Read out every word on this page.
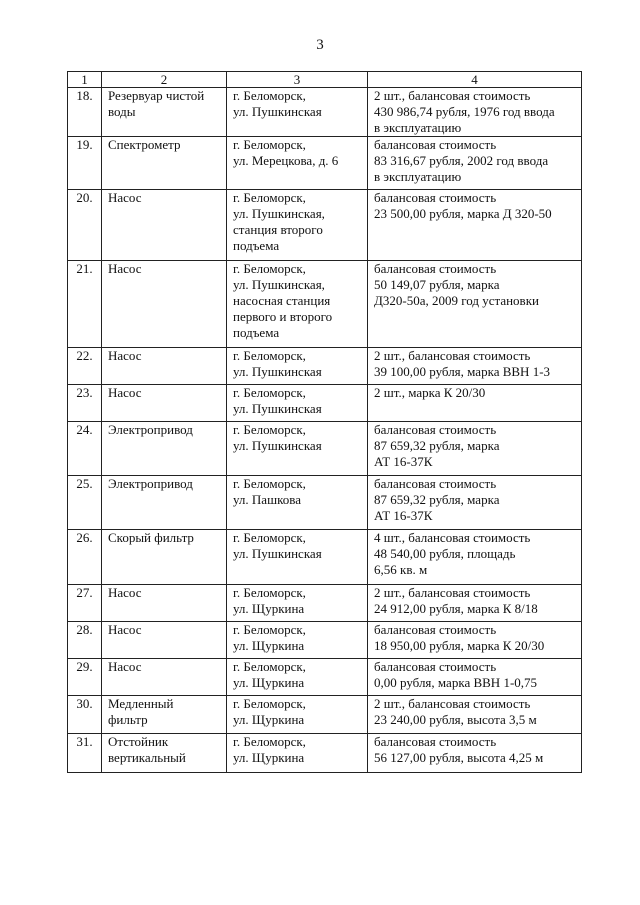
3
1	2	3	4
18.	Резервуар чистой воды	г. Беломорск,
ул. Пушкинская	2 шт., балансовая стоимость
430 986,74 рубля, 1976 год ввода
в эксплуатацию
19.	Спектрометр	г. Беломорск,
ул. Мерецкова, д. 6	балансовая стоимость
83 316,67 рубля, 2002 год ввода
в эксплуатацию
20.	Насос	г. Беломорск,
ул. Пушкинская,
станция второго
подъема	балансовая стоимость
23 500,00 рубля, марка Д 320-50
21.	Насос	г. Беломорск,
ул. Пушкинская,
насосная станция
первого и второго
подъема	балансовая стоимость
50 149,07 рубля, марка
Д320-50а, 2009 год установки
22.	Насос	г. Беломорск,
ул. Пушкинская	2 шт., балансовая стоимость
39 100,00 рубля, марка ВВН 1-3
23.	Насос	г. Беломорск,
ул. Пушкинская	2 шт., марка К 20/30
24.	Электропривод	г. Беломорск,
ул. Пушкинская	балансовая стоимость
87 659,32 рубля, марка
АТ 16-37К
25.	Электропривод	г. Беломорск,
ул. Пашкова	балансовая стоимость
87 659,32 рубля, марка
АТ 16-37К
26.	Скорый фильтр	г. Беломорск,
ул. Пушкинская	4 шт., балансовая стоимость
48 540,00 рубля, площадь
6,56 кв. м
27.	Насос	г. Беломорск,
ул. Щуркина	2 шт., балансовая стоимость
24 912,00 рубля, марка К 8/18
28.	Насос	г. Беломорск,
ул. Щуркина	балансовая стоимость
18 950,00 рубля, марка К 20/30
29.	Насос	г. Беломорск,
ул. Щуркина	балансовая стоимость
0,00 рубля, марка ВВН 1-0,75
30.	Медленный
фильтр	г. Беломорск,
ул. Щуркина	2 шт., балансовая стоимость
23 240,00 рубля, высота 3,5 м
31.	Отстойник
вертикальный	г. Беломорск,
ул. Щуркина	балансовая стоимость
56 127,00 рубля, высота 4,25 м
